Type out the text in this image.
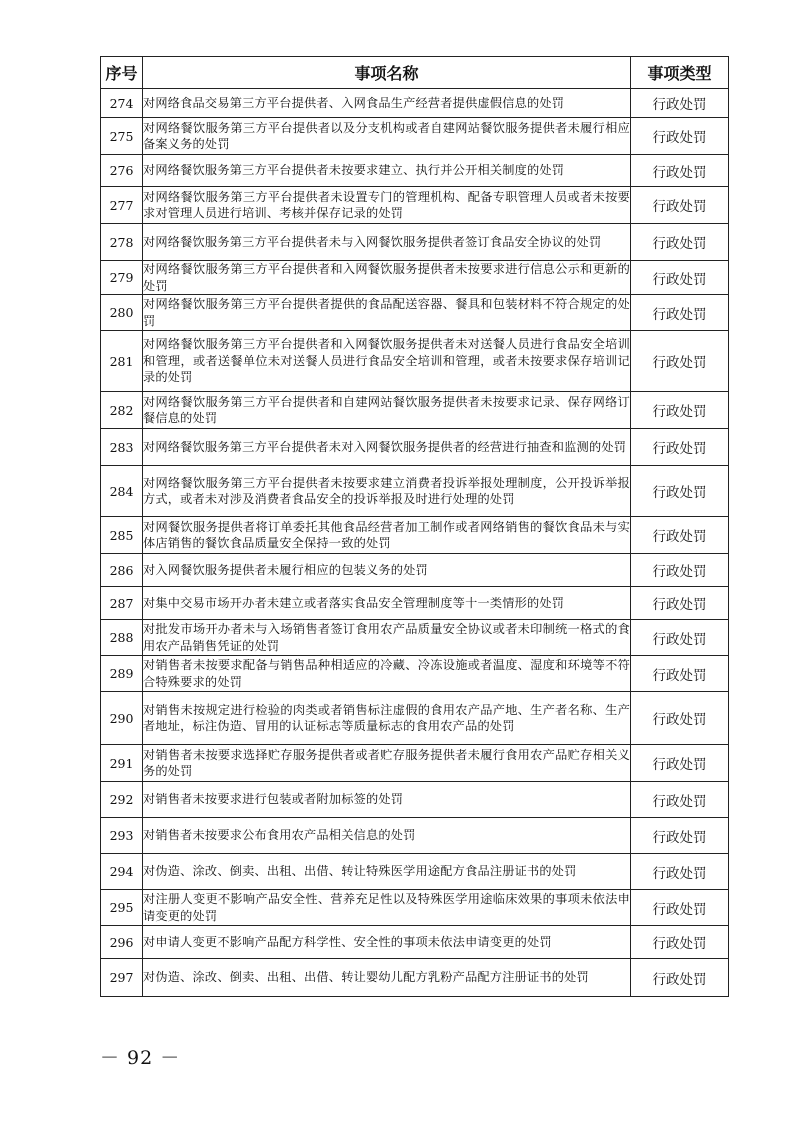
序号	事项名称	事项类型
274	对网络食品交易第三方平台提供者、入网食品生产经营者提供虚假信息的处罚	行政处罚
275	对网络餐饮服务第三方平台提供者以及分支机构或者自建网站餐饮服务提供者未履行相应备案义务的处罚	行政处罚
276	对网络餐饮服务第三方平台提供者未按要求建立、执行并公开相关制度的处罚	行政处罚
277	对网络餐饮服务第三方平台提供者未设置专门的管理机构、配备专职管理人员或者未按要求对管理人员进行培训、考核并保存记录的处罚	行政处罚
278	对网络餐饮服务第三方平台提供者未与入网餐饮服务提供者签订食品安全协议的处罚	行政处罚
279	对网络餐饮服务第三方平台提供者和入网餐饮服务提供者未按要求进行信息公示和更新的处罚	行政处罚
280	对网络餐饮服务第三方平台提供者提供的食品配送容器、餐具和包装材料不符合规定的处罚	行政处罚
281	对网络餐饮服务第三方平台提供者和入网餐饮服务提供者未对送餐人员进行食品安全培训和管理，或者送餐单位未对送餐人员进行食品安全培训和管理，或者未按要求保存培训记录的处罚	行政处罚
282	对网络餐饮服务第三方平台提供者和自建网站餐饮服务提供者未按要求记录、保存网络订餐信息的处罚	行政处罚
283	对网络餐饮服务第三方平台提供者未对入网餐饮服务提供者的经营进行抽查和监测的处罚	行政处罚
284	对网络餐饮服务第三方平台提供者未按要求建立消费者投诉举报处理制度，公开投诉举报方式，或者未对涉及消费者食品安全的投诉举报及时进行处理的处罚	行政处罚
285	对网餐饮服务提供者将订单委托其他食品经营者加工制作或者网络销售的餐饮食品未与实体店销售的餐饮食品质量安全保持一致的处罚	行政处罚
286	对入网餐饮服务提供者未履行相应的包装义务的处罚	行政处罚
287	对集中交易市场开办者未建立或者落实食品安全管理制度等十一类情形的处罚	行政处罚
288	对批发市场开办者未与入场销售者签订食用农产品质量安全协议或者未印制统一格式的食用农产品销售凭证的处罚	行政处罚
289	对销售者未按要求配备与销售品种相适应的冷藏、冷冻设施或者温度、湿度和环境等不符合特殊要求的处罚	行政处罚
290	对销售未按规定进行检验的肉类或者销售标注虚假的食用农产品产地、生产者名称、生产者地址，标注伪造、冒用的认证标志等质量标志的食用农产品的处罚	行政处罚
291	对销售者未按要求选择贮存服务提供者或者贮存服务提供者未履行食用农产品贮存相关义务的处罚	行政处罚
292	对销售者未按要求进行包装或者附加标签的处罚	行政处罚
293	对销售者未按要求公布食用农产品相关信息的处罚	行政处罚
294	对伪造、涂改、倒卖、出租、出借、转让特殊医学用途配方食品注册证书的处罚	行政处罚
295	对注册人变更不影响产品安全性、营养充足性以及特殊医学用途临床效果的事项未依法申请变更的处罚	行政处罚
296	对申请人变更不影响产品配方科学性、安全性的事项未依法申请变更的处罚	行政处罚
297	对伪造、涂改、倒卖、出租、出借、转让婴幼儿配方乳粉产品配方注册证书的处罚	行政处罚
－ 92 －
